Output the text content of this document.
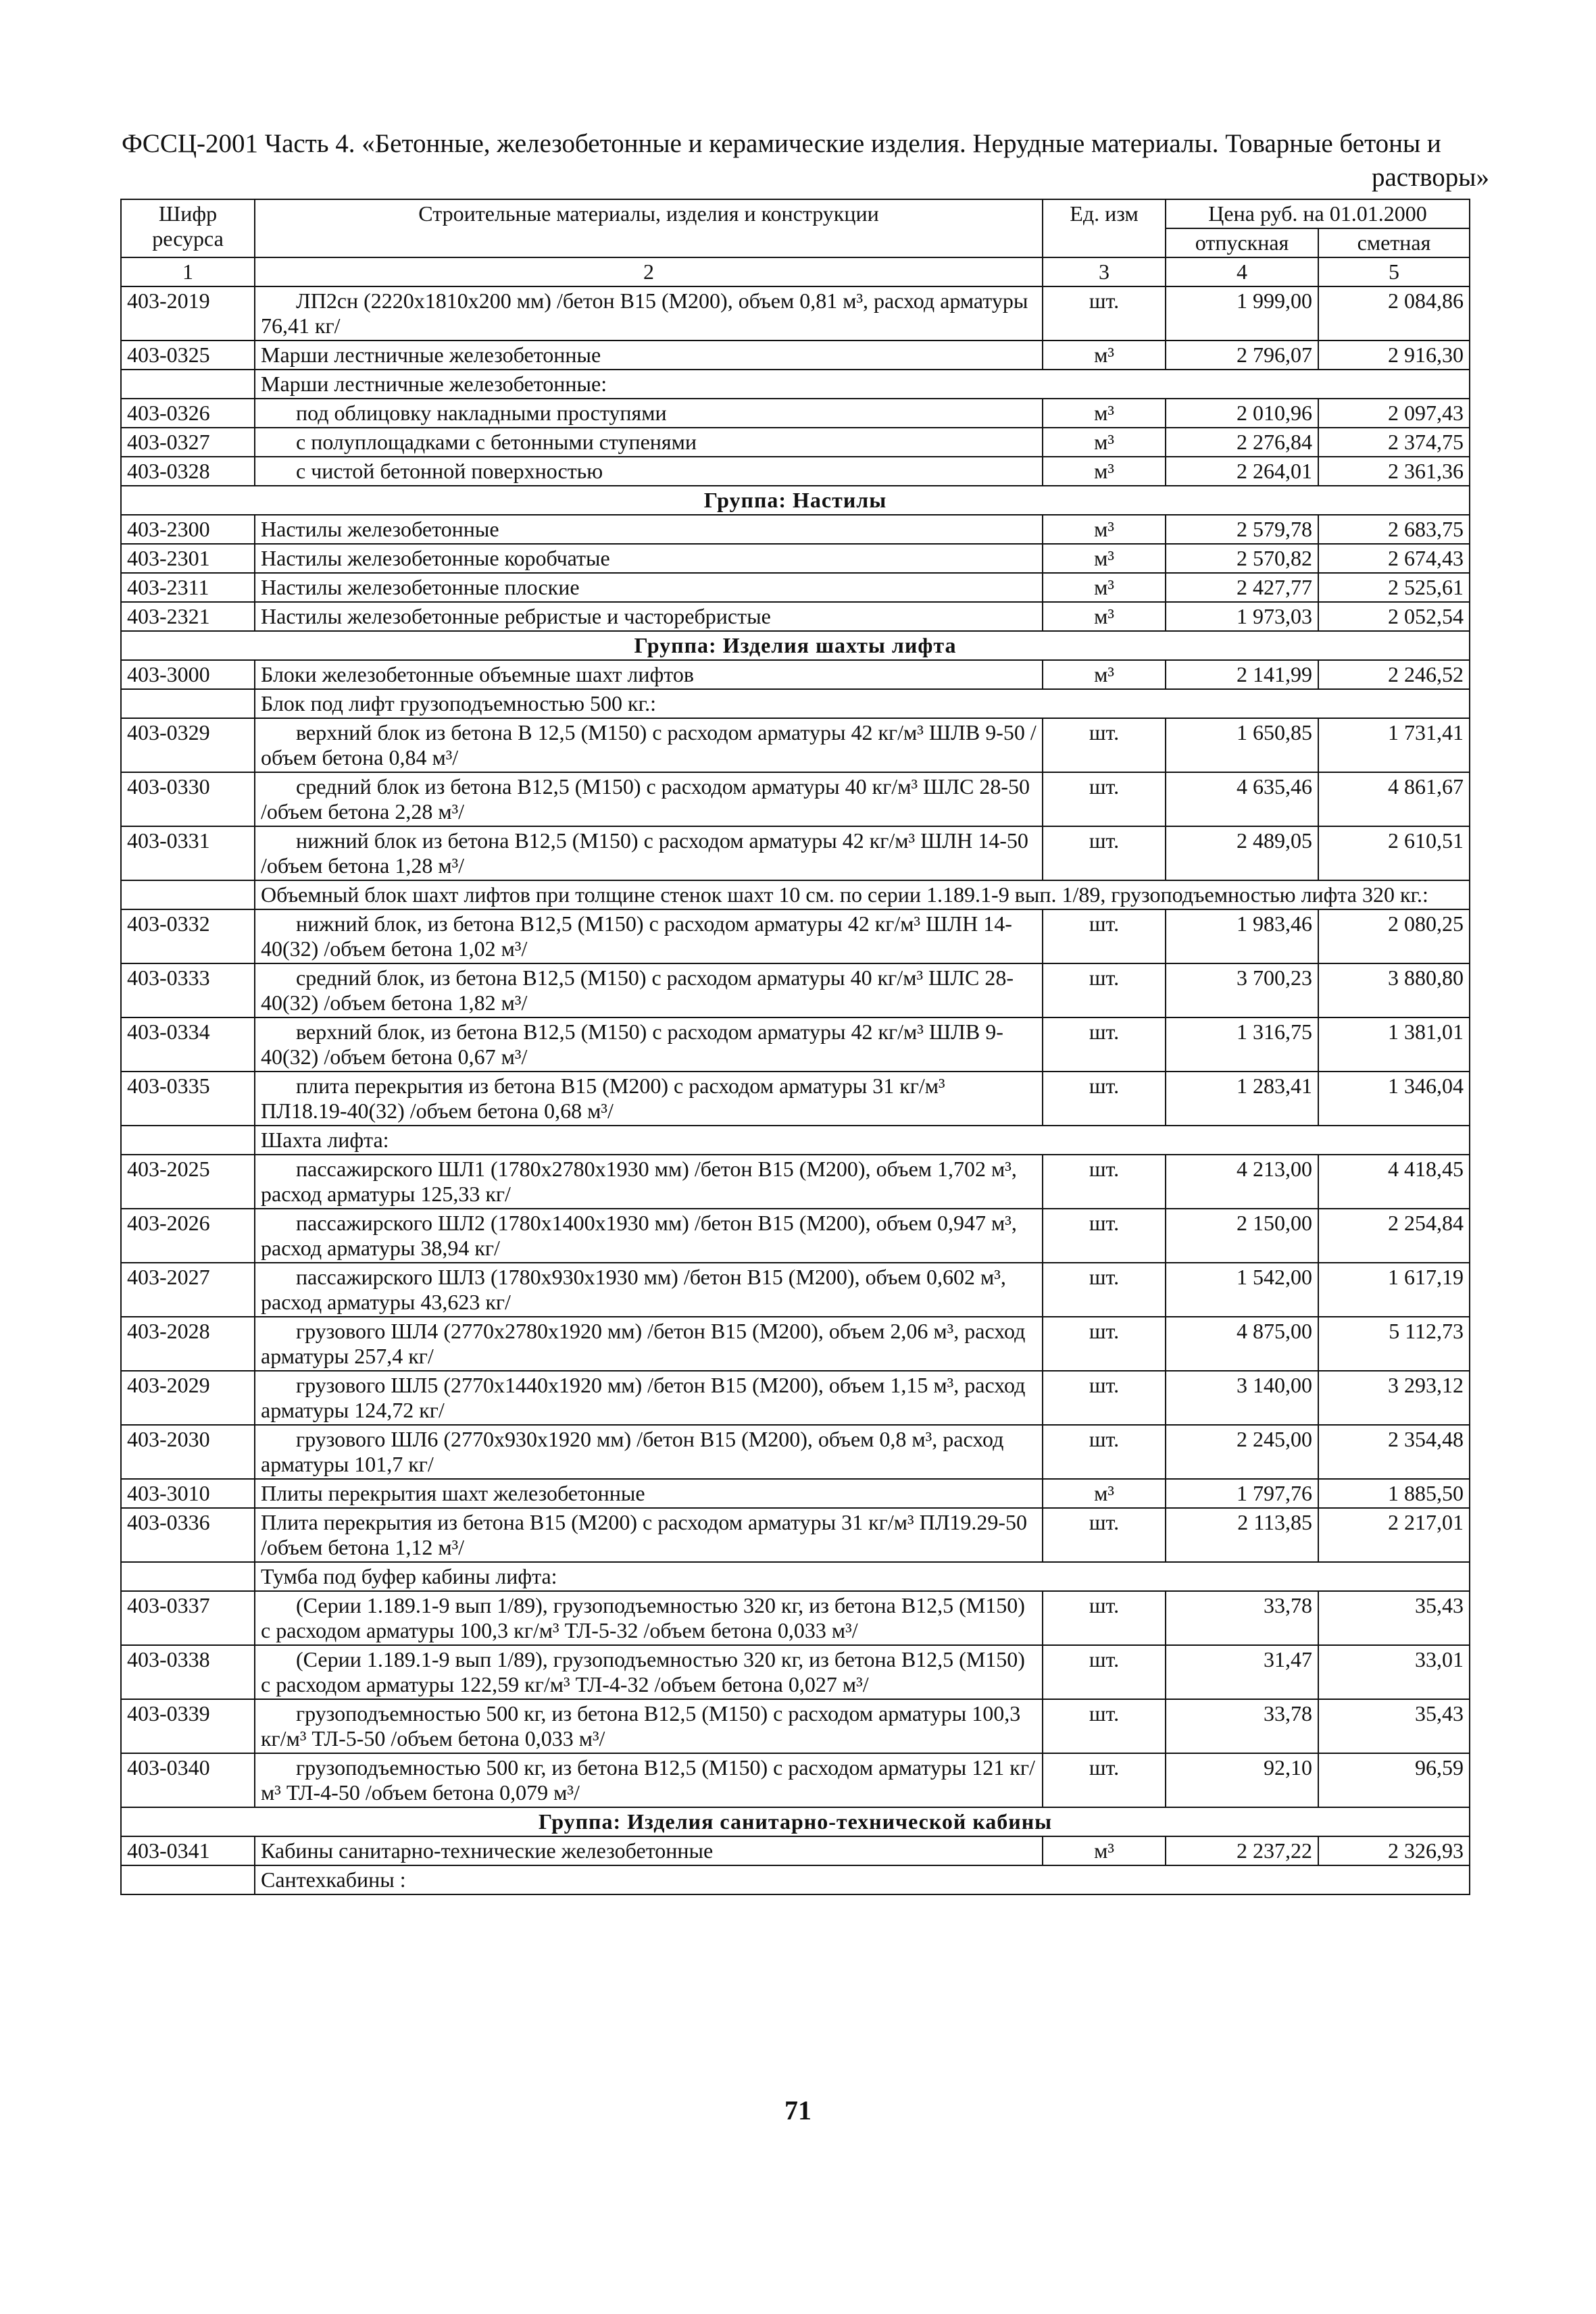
ФССЦ-2001 Часть 4. «Бетонные, железобетонные и керамические изделия. Нерудные материалы. Товарные бетоны и
растворы»
Шифр ресурса	Строительные материалы, изделия и конструкции	Ед. изм	Цена руб. на 01.01.2000	
			отпускная	сметная
1	2	3	4	5
403-2019	ЛП2сн (2220х1810х200 мм) /бетон В15 (М200), объем 0,81 м³, расход арматуры 76,41 кг/	шт.	1 999,00	2 084,86
403-0325	Марши лестничные железобетонные	м³	2 796,07	2 916,30
	Марши лестничные железобетонные:			
403-0326	под облицовку накладными проступями	м³	2 010,96	2 097,43
403-0327	с полуплощадками с бетонными ступенями	м³	2 276,84	2 374,75
403-0328	с чистой бетонной поверхностью	м³	2 264,01	2 361,36
Группа: Настилы				
403-2300	Настилы железобетонные	м³	2 579,78	2 683,75
403-2301	Настилы железобетонные коробчатые	м³	2 570,82	2 674,43
403-2311	Настилы железобетонные плоские	м³	2 427,77	2 525,61
403-2321	Настилы железобетонные ребристые и часторебристые	м³	1 973,03	2 052,54
Группа: Изделия шахты лифта				
403-3000	Блоки железобетонные объемные шахт лифтов	м³	2 141,99	2 246,52
	Блок под лифт грузоподъемностью 500 кг.:			
403-0329	верхний блок из бетона В 12,5 (М150) с расходом арматуры 42 кг/м³ ШЛВ 9-50 /объем бетона 0,84 м³/	шт.	1 650,85	1 731,41
403-0330	средний блок из бетона В12,5 (М150) с расходом арматуры 40 кг/м³ ШЛС 28-50 /объем бетона 2,28 м³/	шт.	4 635,46	4 861,67
403-0331	нижний блок из бетона В12,5 (М150) с расходом арматуры 42 кг/м³ ШЛН 14-50 /объем бетона 1,28 м³/	шт.	2 489,05	2 610,51
	Объемный блок шахт лифтов при толщине стенок шахт 10 см. по серии 1.189.1-9 вып. 1/89, грузоподъемностью лифта 320 кг.:			
403-0332	нижний блок, из бетона В12,5 (М150) с расходом арматуры 42 кг/м³ ШЛН 14-40(32) /объем бетона 1,02 м³/	шт.	1 983,46	2 080,25
403-0333	средний блок, из бетона В12,5 (М150) с расходом арматуры 40 кг/м³ ШЛС 28-40(32) /объем бетона 1,82 м³/	шт.	3 700,23	3 880,80
403-0334	верхний блок, из бетона В12,5 (М150) с расходом арматуры 42 кг/м³ ШЛВ 9-40(32) /объем бетона 0,67 м³/	шт.	1 316,75	1 381,01
403-0335	плита перекрытия из бетона В15 (М200) с расходом арматуры 31 кг/м³ ПЛ18.19-40(32) /объем бетона 0,68 м³/	шт.	1 283,41	1 346,04
	Шахта лифта:			
403-2025	пассажирского ШЛ1 (1780х2780х1930 мм) /бетон В15 (М200), объем 1,702 м³, расход арматуры 125,33 кг/	шт.	4 213,00	4 418,45
403-2026	пассажирского ШЛ2 (1780х1400х1930 мм) /бетон В15 (М200), объем 0,947 м³, расход арматуры 38,94 кг/	шт.	2 150,00	2 254,84
403-2027	пассажирского ШЛ3 (1780х930х1930 мм) /бетон В15 (М200), объем 0,602 м³, расход арматуры 43,623 кг/	шт.	1 542,00	1 617,19
403-2028	грузового ШЛ4 (2770х2780х1920 мм) /бетон В15 (М200), объем 2,06 м³, расход арматуры 257,4 кг/	шт.	4 875,00	5 112,73
403-2029	грузового ШЛ5 (2770х1440х1920 мм) /бетон В15 (М200), объем 1,15 м³, расход арматуры 124,72 кг/	шт.	3 140,00	3 293,12
403-2030	грузового ШЛ6 (2770х930х1920 мм) /бетон В15 (М200), объем 0,8 м³, расход арматуры 101,7 кг/	шт.	2 245,00	2 354,48
403-3010	Плиты перекрытия шахт железобетонные	м³	1 797,76	1 885,50
403-0336	Плита перекрытия из бетона В15 (М200) с расходом арматуры 31 кг/м³ ПЛ19.29-50 /объем бетона 1,12 м³/	шт.	2 113,85	2 217,01
	Тумба под буфер кабины лифта:			
403-0337	(Серии 1.189.1-9 вып 1/89), грузоподъемностью 320 кг, из бетона В12,5 (М150) с расходом арматуры 100,3 кг/м³ ТЛ-5-32 /объем бетона 0,033 м³/	шт.	33,78	35,43
403-0338	(Серии 1.189.1-9 вып 1/89), грузоподъемностью 320 кг, из бетона В12,5 (М150) с расходом арматуры 122,59 кг/м³ ТЛ-4-32 /объем бетона 0,027 м³/	шт.	31,47	33,01
403-0339	грузоподъемностью 500 кг, из бетона В12,5 (М150) с расходом арматуры 100,3 кг/м³ ТЛ-5-50 /объем бетона 0,033 м³/	шт.	33,78	35,43
403-0340	грузоподъемностью 500 кг, из бетона В12,5 (М150) с расходом арматуры 121 кг/м³ ТЛ-4-50 /объем бетона 0,079 м³/	шт.	92,10	96,59
Группа: Изделия санитарно-технической кабины				
403-0341	Кабины санитарно-технические железобетонные	м³	2 237,22	2 326,93
	Сантехкабины :			
71
